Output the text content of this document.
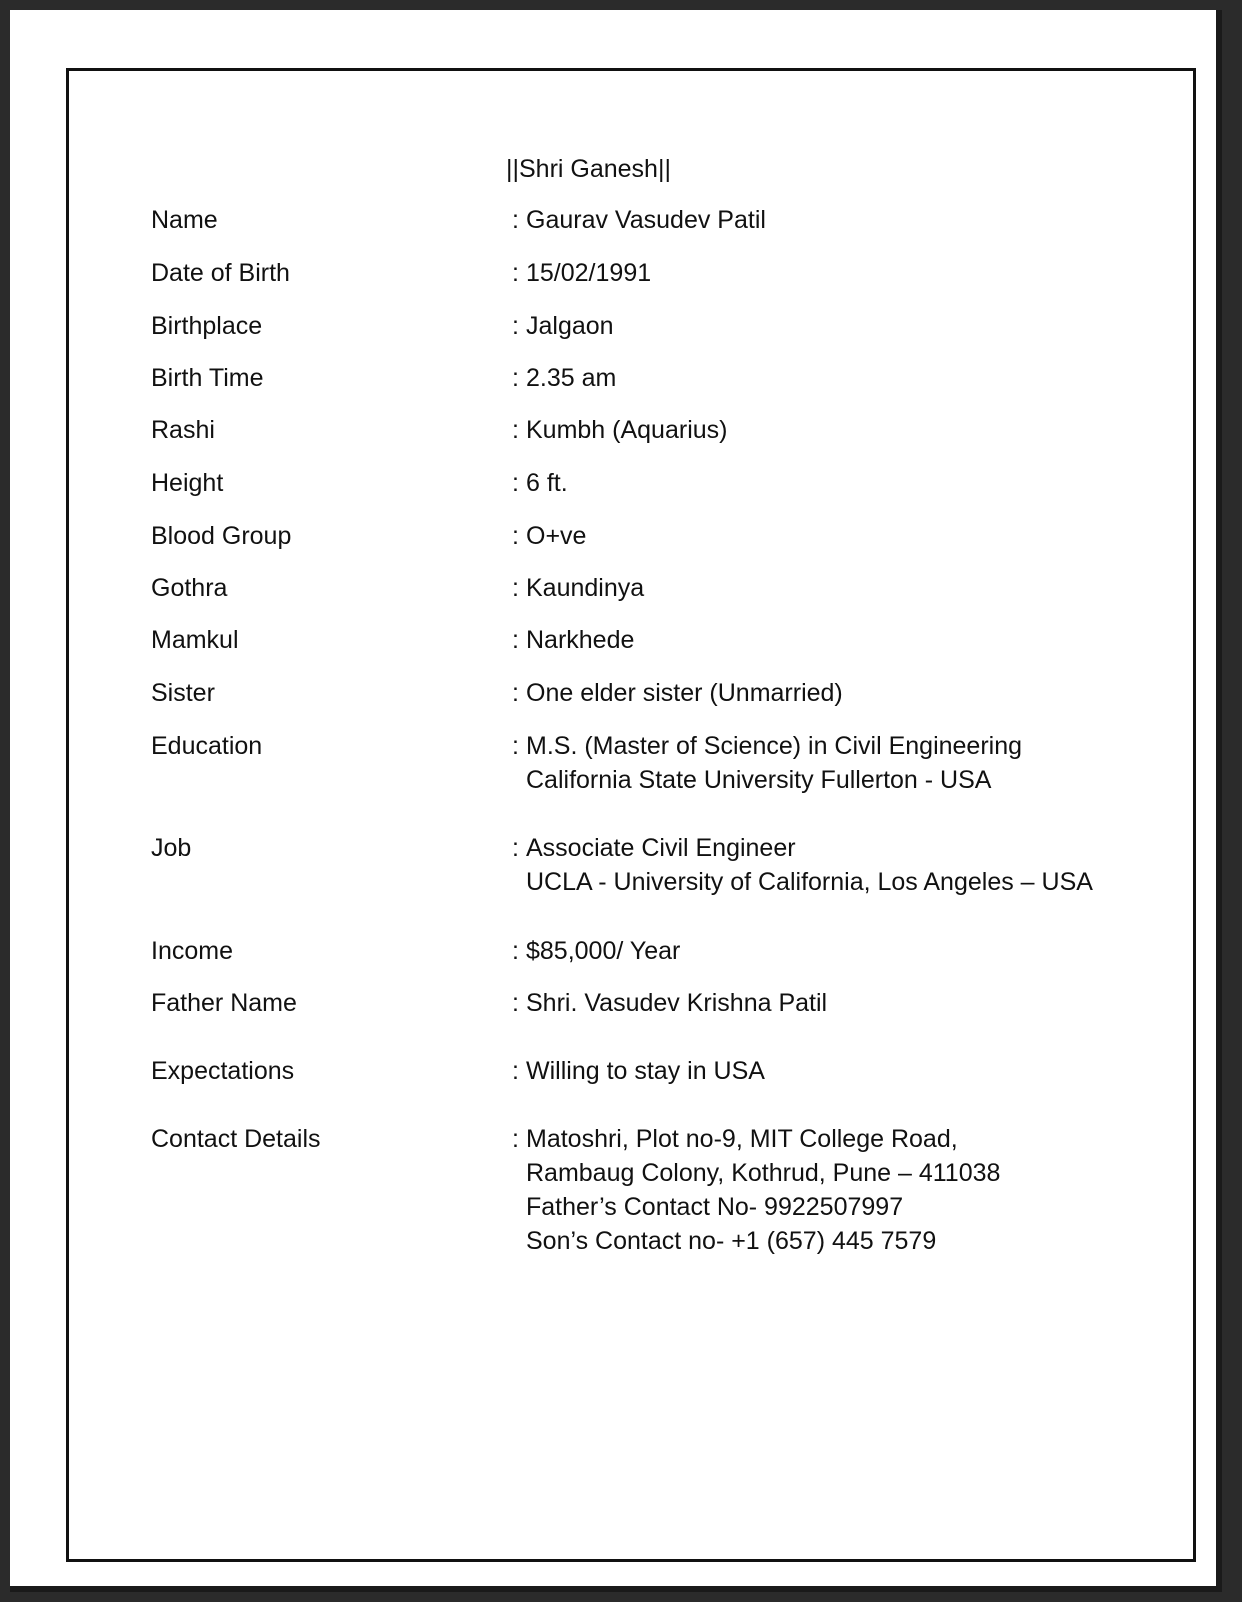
||Shri Ganesh||
Name	: Gaurav Vasudev Patil
Date of Birth	: 15/02/1991
Birthplace	: Jalgaon
Birth Time	: 2.35 am
Rashi	: Kumbh (Aquarius)
Height	: 6 ft.
Blood Group	: O+ve
Gothra	: Kaundinya
Mamkul	: Narkhede
Sister	: One elder sister (Unmarried)
Education	: M.S. (Master of Science) in Civil Engineering
California State University Fullerton - USA
Job	: Associate Civil Engineer
UCLA - University of California, Los Angeles – USA
Income	: $85,000/ Year
Father Name	: Shri. Vasudev Krishna Patil
Expectations	: Willing to stay in USA
Contact Details	: Matoshri, Plot no-9, MIT College Road,
Rambaug Colony, Kothrud, Pune – 411038
Father’s Contact No- 9922507997
Son’s Contact no- +1 (657) 445 7579
